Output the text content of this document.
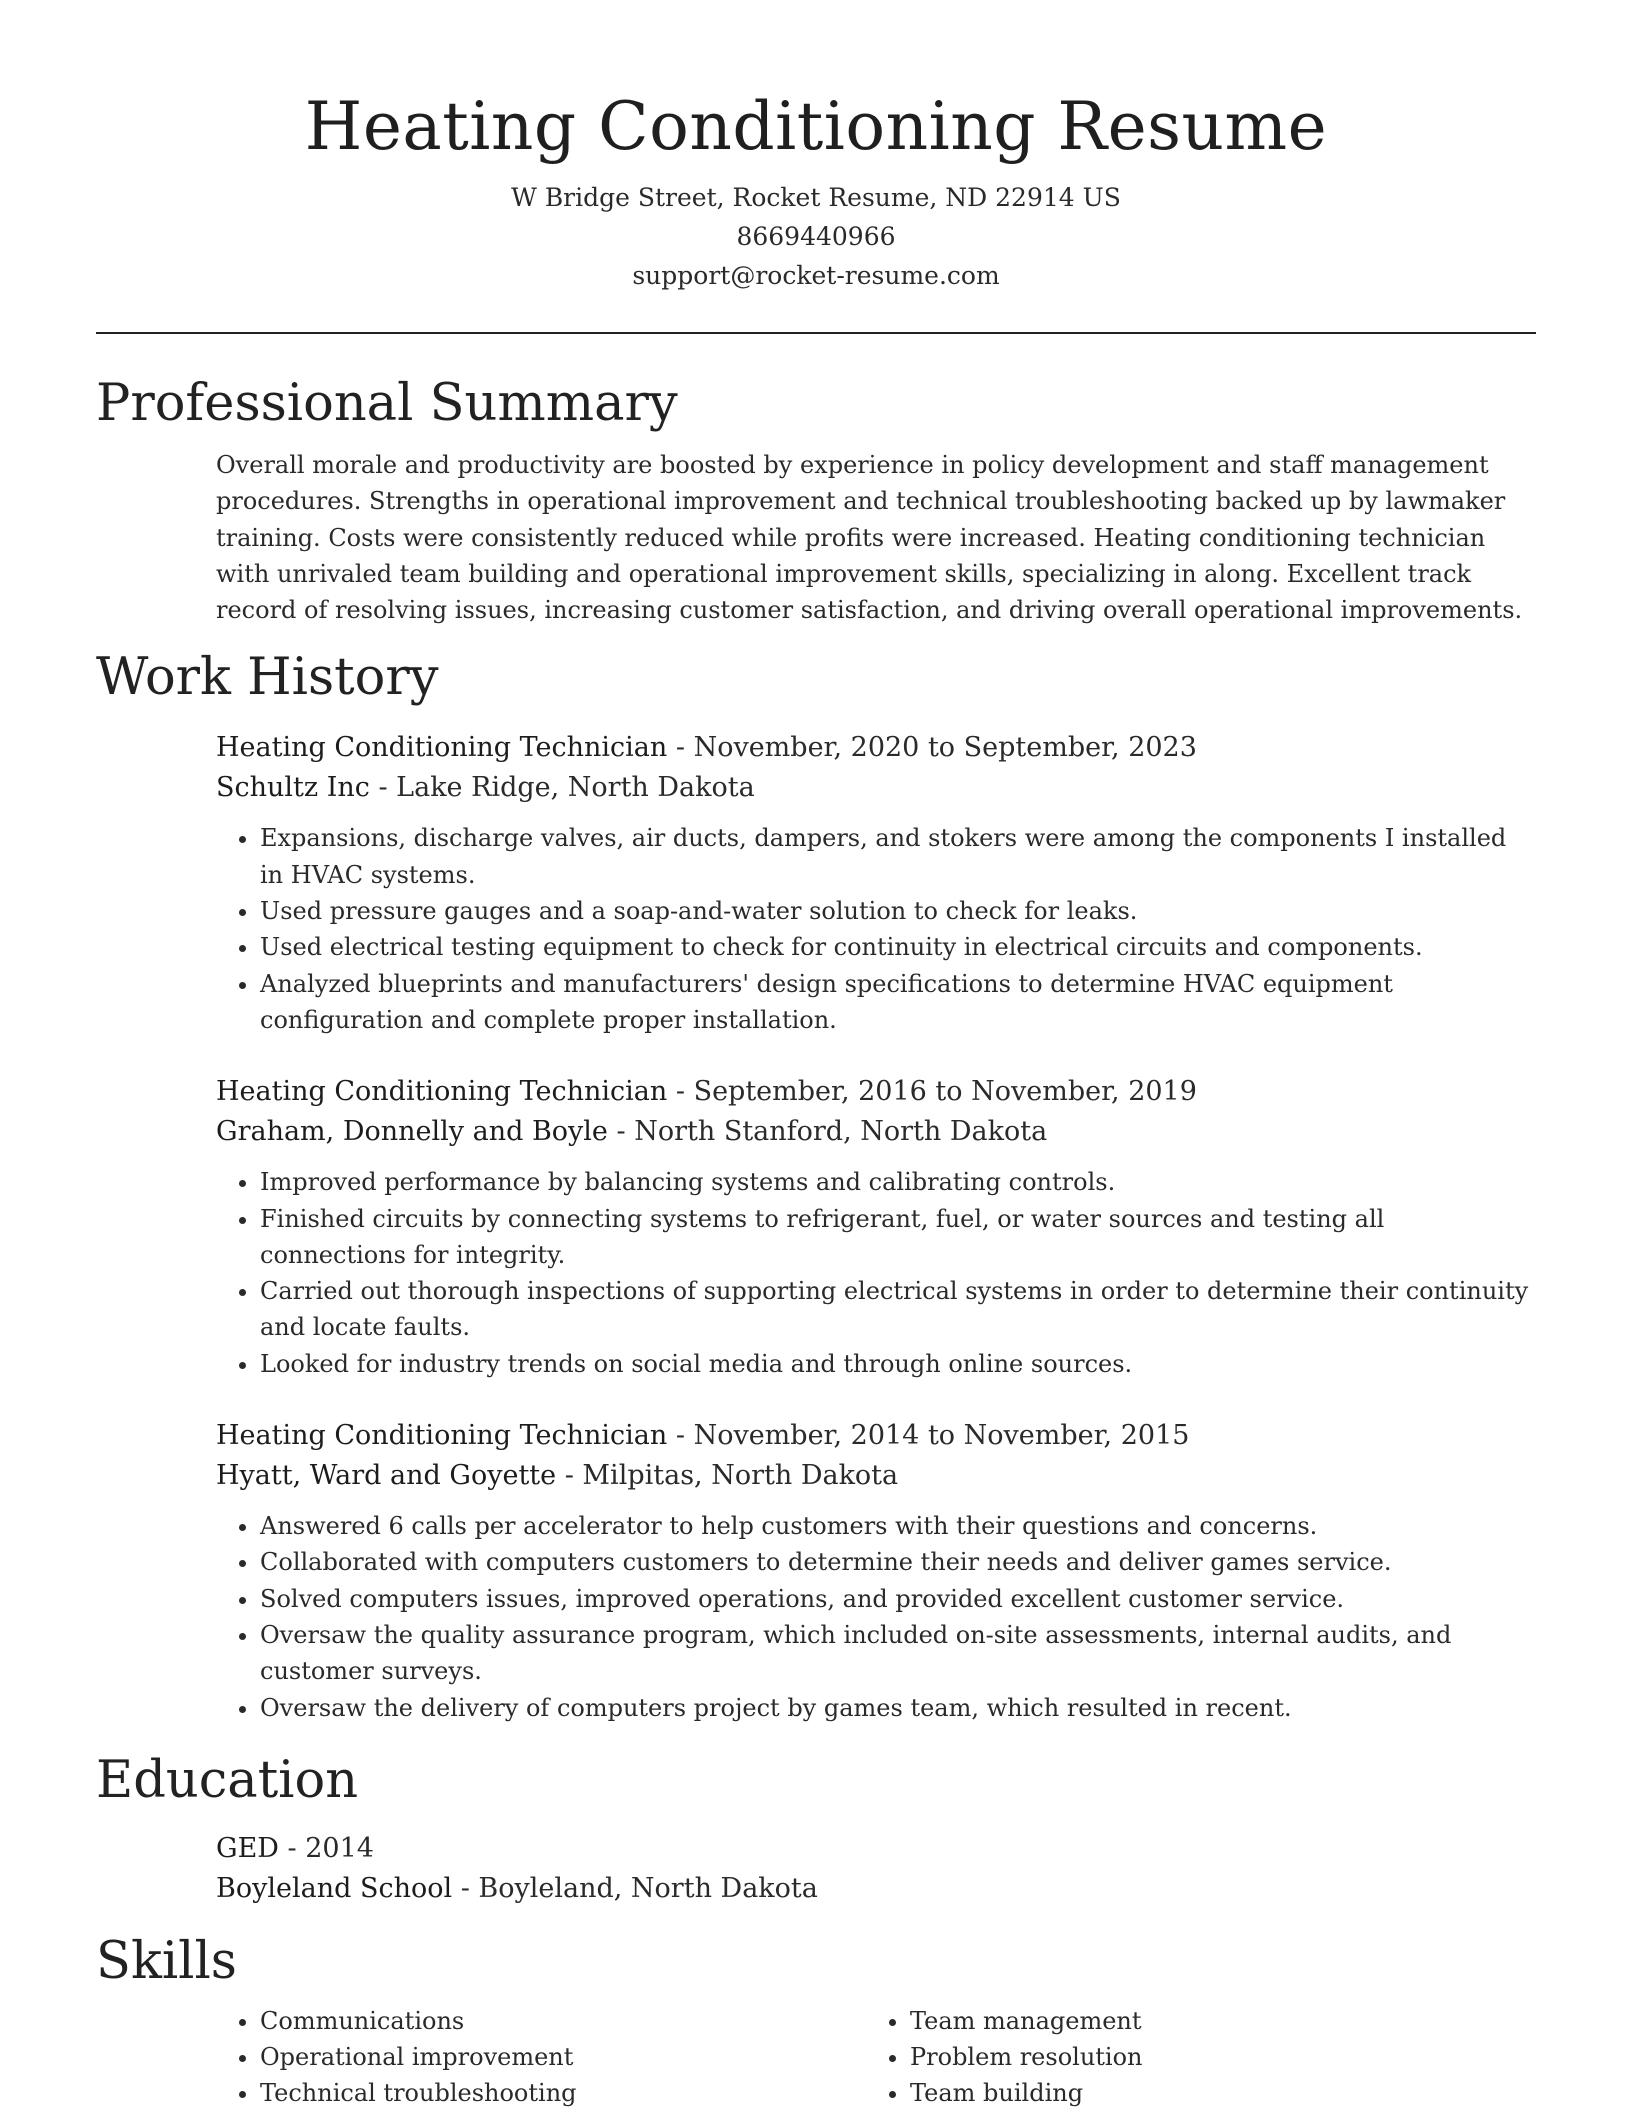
Heating Conditioning Resume
W Bridge Street, Rocket Resume, ND 22914 US
8669440966
support@rocket-resume.com
Professional Summary

Overall morale and productivity are boosted by experience in policy development and staff management procedures. Strengths in operational improvement and technical troubleshooting backed up by lawmaker training. Costs were consistently reduced while profits were increased. Heating conditioning technician with unrivaled team building and operational improvement skills, specializing in along. Excellent track record of resolving issues, increasing customer satisfaction, and driving overall operational improvements.

Work History
Heating Conditioning Technician - November, 2020 to September, 2023
Schultz Inc - Lake Ridge, North Dakota
• Expansions, discharge valves, air ducts, dampers, and stokers were among the components I installed in HVAC systems.
• Used pressure gauges and a soap-and-water solution to check for leaks.
• Used electrical testing equipment to check for continuity in electrical circuits and components.
• Analyzed blueprints and manufacturers' design specifications to determine HVAC equipment configuration and complete proper installation.
Heating Conditioning Technician - September, 2016 to November, 2019
Graham, Donnelly and Boyle - North Stanford, North Dakota
• Improved performance by balancing systems and calibrating controls.
• Finished circuits by connecting systems to refrigerant, fuel, or water sources and testing all connections for integrity.
• Carried out thorough inspections of supporting electrical systems in order to determine their continuity and locate faults.
• Looked for industry trends on social media and through online sources.
Heating Conditioning Technician - November, 2014 to November, 2015
Hyatt, Ward and Goyette - Milpitas, North Dakota
• Answered 6 calls per accelerator to help customers with their questions and concerns.
• Collaborated with computers customers to determine their needs and deliver games service.
• Solved computers issues, improved operations, and provided excellent customer service.
• Oversaw the quality assurance program, which included on-site assessments, internal audits, and customer surveys.
• Oversaw the delivery of computers project by games team, which resulted in recent.
Education
GED - 2014
Boyleland School - Boyleland, North Dakota
Skills
• Communications
• Operational improvement
• Technical troubleshooting
• Team management
• Problem resolution
• Team building
